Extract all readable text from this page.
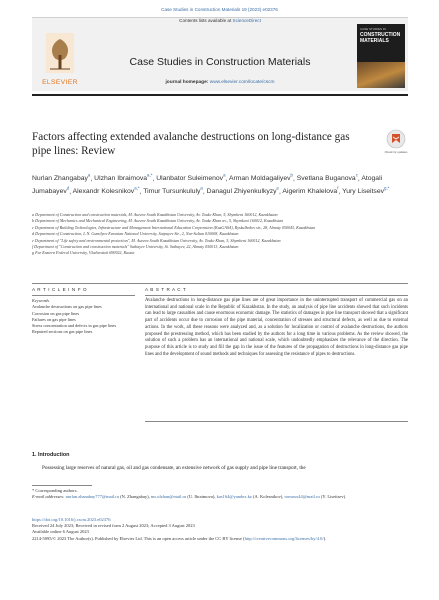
Case Studies in Construction Materials 19 (2023) e02376
Contents lists available at ScienceDirect
ELSEVIER
Case Studies in Construction Materials
journal homepage: www.elsevier.com/locate/cscm
CASE STUDIES IN
CONSTRUCTION MATERIALS
Factors affecting extended avalanche destructions on long-distance gas pipe lines: Review	Check for updates
Nurlan Zhangabay$^a$, Ulzhan Ibraimova$^{a,*}$, Ulanbator Suleimenov$^a$, Arman Moldagaliyev$^b$, Svetlana Buganova$^c$, Atogali Jumabayev$^d$, Alexandr Kolesnikov$^{a,*}$, Timur Tursunkululy$^a$, Danagul Zhiyenkulkyzy$^e$, Aigerim Khalelova$^f$, Yury Liseitsev$^{g,*}$
a Department of Construction and construction materials, M. Auezov South Kazakhstan University, Av. Tauke Khan, 5, Shymkent 160012, Kazakhstan
b Department of Mechanics and Mechanical Engineering, M. Auezov South Kazakhstan University, Av. Tauke Khan av., 5, Shymkent 160012, Kazakhstan
c Department of Building Technologies, Infrastructure and Management International Education Corporation (KazGASA), Ryskulbekov str., 28, Almaty 050043, Kazakhstan
d Department of Construction, L.N. Gumilyov Eurasian National University, Satpayev Str., 2, Nur-Sultan 010008, Kazakhstan
e Department of "Life safety and environmental protection", M. Auezov South Kazakhstan University, Av. Tauke Khan, 5, Shymkent 160012, Kazakhstan
f Department of "Construction and construction materials" Satbayev University, St. Satbayev, 22, Almaty 050013, Kazakhstan
g Far Eastern Federal University, Vladivostok 690922, Russia
A R T I C L E I N F O	A B S T R A C T
Keywords
Avalanche destructions on gas pipe lines
Corrosion on gas pipe lines
Failures on gas pipe lines
Stress concentration and defects in gas pipe lines
Repaired sections on gas pipe lines
Avalanche destructions in long-distance gas pipe lines are of great importance in the uninterrupted transport of commercial gas on an international and national scale in the Republic of Kazakhstan. In the study, an analysis of pipe line accidents showed that such incidents can lead to large casualties and cause enormous economic damage. The statistics of damages in pipe line transport showed that a significant part of accidents occur due to corrosion of the pipe material, concentration of stresses and structural defects, as well as due to external actions. In the work, all these reasons were analyzed and, as a solution for localization or control of avalanche destructions, the authors proposed the prestressing method, which has been studied by the authors for a long time in various problems. As the review showed, the solution of such a problem has an international and national scale, which undoubtedly emphasizes the relevance of the direction. The purpose of this article is to study and fill the gap in the issue of the features of the propagation of destructions in long-distance gas pipe lines and the development of sound methods and techniques for assessing the resistance of pipes to destructions.
1. Introduction
Possessing large reserves of natural gas, oil and gas condensate, an extensive network of gas supply and pipe line transport, the
* Corresponding authors.
E-mail addresses: nurlan.zhanabay777@mail.ru (N. Zhangabay), ms.ulzhan@mail.ru (U. Ibraimova), kas164@yandex.kz (A. Kolesnikov), romaxx44@mail.ru (Y. Liseitsev).
https://doi.org/10.1016/j.cscm.2023.e02376
Received 24 July 2023; Received in revised form 2 August 2023; Accepted 3 August 2023
Available online 6 August 2023
2214-5095/© 2023 The Author(s). Published by Elsevier Ltd. This is an open access article under the CC BY license (http://creativecommons.org/licenses/by/4.0/).
